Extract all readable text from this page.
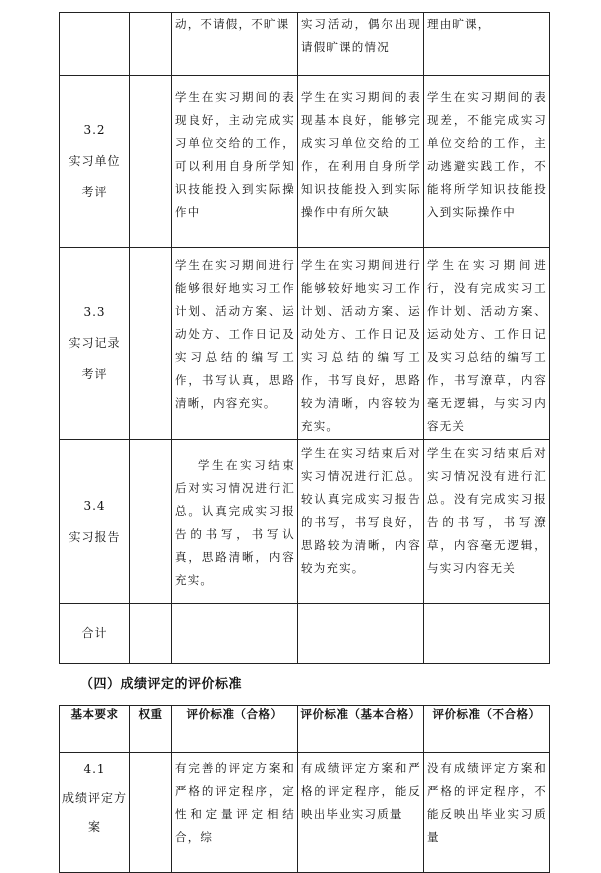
		动，不请假，不旷课	实习活动，偶尔出现请假旷课的情况	理由旷课，

3.2
实习单位
考评		学生在实习期间的表现良好，主动完成实习单位交给的工作，可以利用自身所学知识技能投入到实际操作中	学生在实习期间的表现基本良好，能够完成实习单位交给的工作，在利用自身所学知识技能投入到实际操作中有所欠缺	学生在实习期间的表现差，不能完成实习单位交给的工作，主动逃避实践工作，不能将所学知识技能投入到实际操作中

3.3
实习记录
考评		学生在实习期间进行能够很好地实习工作计划、活动方案、运动处方、工作日记及实习总结的编写工作，书写认真，思路清晰，内容充实。	学生在实习期间进行能够较好地实习工作计划、活动方案、运动处方、工作日记及实习总结的编写工作，书写良好，思路较为清晰，内容较为充实。	学生在实习期间进行，没有完成实习工作计划、活动方案、运动处方、工作日记及实习总结的编写工作，书写潦草，内容毫无逻辑，与实习内容无关

3.4
实习报告		学生在实习结束后对实习情况进行汇总。认真完成实习报告的书写，书写认真，思路清晰，内容充实。	学生在实习结束后对实习情况进行汇总。较认真完成实习报告的书写，书写良好，思路较为清晰，内容较为充实。	学生在实习结束后对实习情况没有进行汇总。没有完成实习报告的书写，书写潦草，内容毫无逻辑，与实习内容无关

合计				
（四）成绩评定的评价标准
基本要求	权重	评价标准（合格）	评价标准（基本合格）	评价标准（不合格）
4.1
成绩评定方案		有完善的评定方案和严格的评定程序，定性和定量评定相结合，综	有成绩评定方案和严格的评定程序，能反映出毕业实习质量	没有成绩评定方案和严格的评定程序，不能反映出毕业实习质量
